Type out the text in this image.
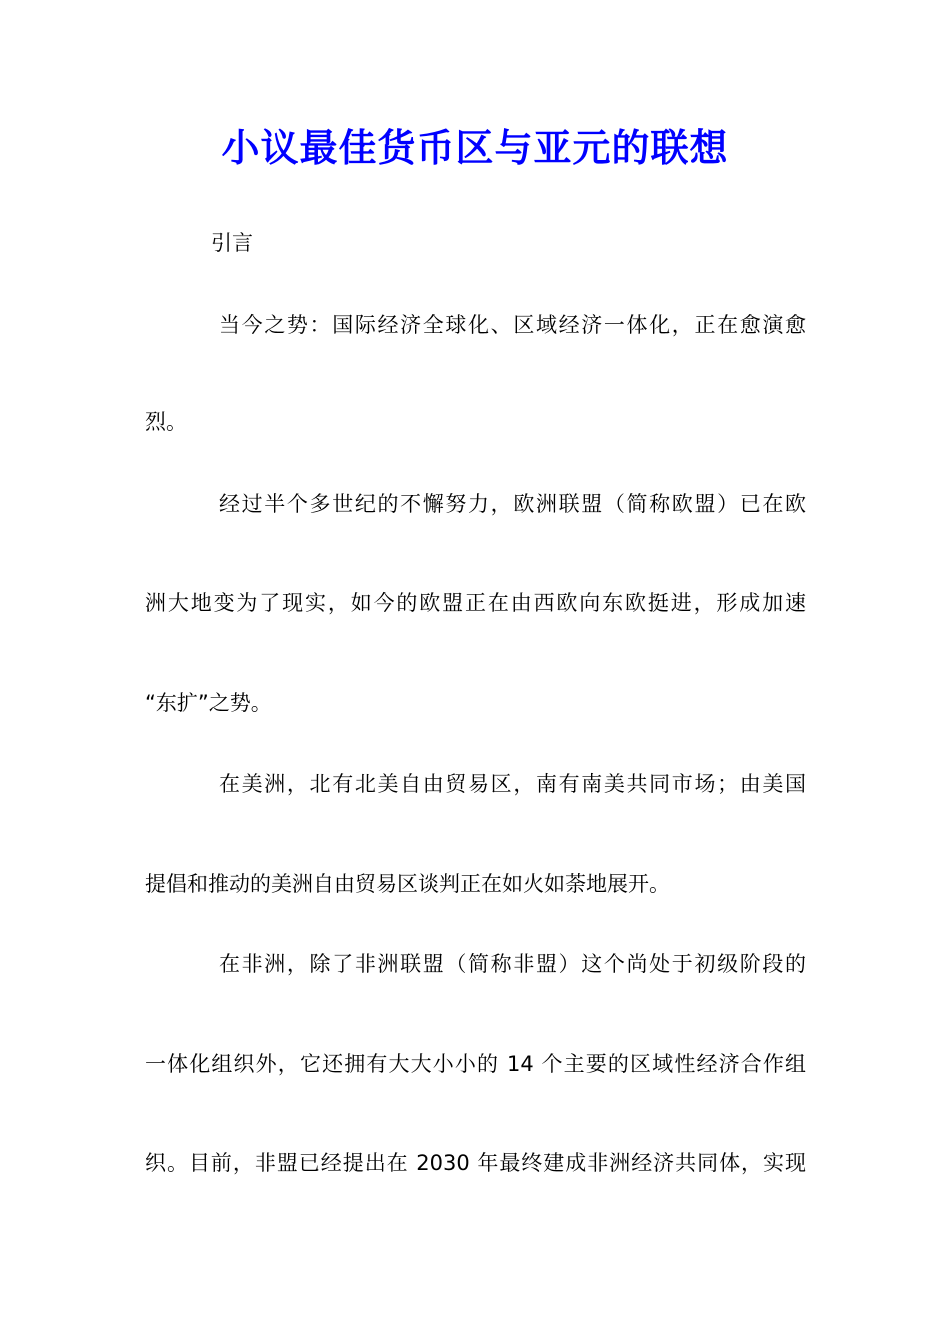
小议最佳货币区与亚元的联想
引言
当今之势：国际经济全球化、区域经济一体化，正在愈演愈
烈。
经过半个多世纪的不懈努力，欧洲联盟（简称欧盟）已在欧
洲大地变为了现实，如今的欧盟正在由西欧向东欧挺进，形成加速
“东扩”之势。
在美洲，北有北美自由贸易区，南有南美共同市场；由美国
提倡和推动的美洲自由贸易区谈判正在如火如荼地展开。
在非洲，除了非洲联盟（简称非盟）这个尚处于初级阶段的
一体化组织外，它还拥有大大小小的 14 个主要的区域性经济合作组
织。目前，非盟已经提出在 2030 年最终建成非洲经济共同体，实现
